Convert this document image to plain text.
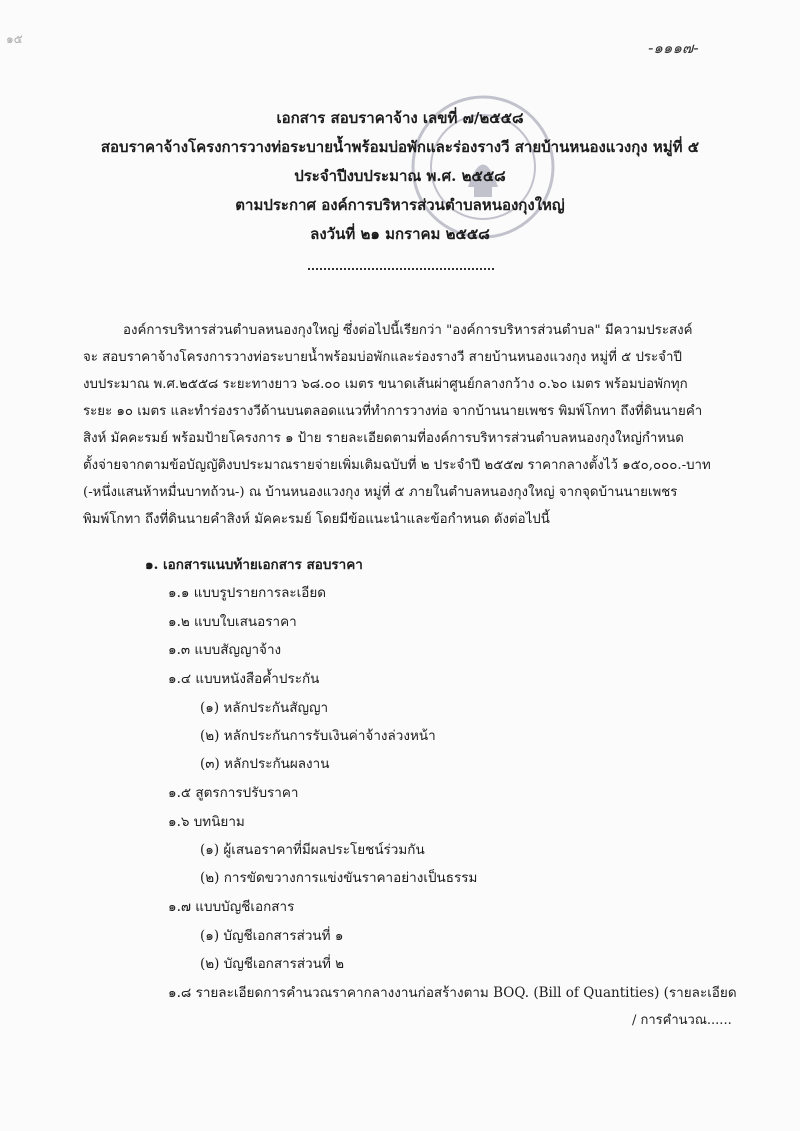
๑๕	-๑๑๑๗-
เอกสาร สอบราคาจ้าง เลขที่ ๗/๒๕๕๘
สอบราคาจ้างโครงการวางท่อระบายน้ำพร้อมบ่อพักและร่องรางวี สายบ้านหนองแวงกุง หมู่ที่ ๕
ประจำปีงบประมาณ พ.ศ. ๒๕๕๘
ตามประกาศ องค์การบริหารส่วนตำบลหนองกุงใหญ่
ลงวันที่ ๒๑ มกราคม ๒๕๕๘
องค์การบริหารส่วนตำบลหนองกุงใหญ่ ซึ่งต่อไปนี้เรียกว่า "องค์การบริหารส่วนตำบล" มีความประสงค์
จะ สอบราคาจ้างโครงการวางท่อระบายน้ำพร้อมบ่อพักและร่องรางวี สายบ้านหนองแวงกุง หมู่ที่ ๕ ประจำปี
งบประมาณ พ.ศ.๒๕๕๘ ระยะทางยาว ๖๘.๐๐ เมตร ขนาดเส้นผ่าศูนย์กลางกว้าง ๐.๖๐ เมตร พร้อมบ่อพักทุก
ระยะ ๑๐ เมตร และทำร่องรางวีด้านบนตลอดแนวที่ทำการวางท่อ จากบ้านนายเพชร พิมพ์โกทา ถึงที่ดินนายคำ
สิงห์ มัคคะรมย์ พร้อมป้ายโครงการ ๑ ป้าย รายละเอียดตามที่องค์การบริหารส่วนตำบลหนองกุงใหญ่กำหนด
ตั้งจ่ายจากตามข้อบัญญัติงบประมาณรายจ่ายเพิ่มเติมฉบับที่ ๒ ประจำปี ๒๕๕๗ ราคากลางตั้งไว้ ๑๕๐,๐๐๐.-บาท
(-หนึ่งแสนห้าหมื่นบาทถ้วน-) ณ บ้านหนองแวงกุง หมู่ที่ ๕ ภายในตำบลหนองกุงใหญ่ จากจุดบ้านนายเพชร
พิมพ์โกทา ถึงที่ดินนายคำสิงห์ มัคคะรมย์ โดยมีข้อแนะนำและข้อกำหนด ดังต่อไปนี้
๑. เอกสารแนบท้ายเอกสาร สอบราคา
๑.๑ แบบรูปรายการละเอียด
๑.๒ แบบใบเสนอราคา
๑.๓ แบบสัญญาจ้าง
๑.๔ แบบหนังสือค้ำประกัน
(๑) หลักประกันสัญญา
(๒) หลักประกันการรับเงินค่าจ้างล่วงหน้า
(๓) หลักประกันผลงาน
๑.๕ สูตรการปรับราคา
๑.๖ บทนิยาม
(๑) ผู้เสนอราคาที่มีผลประโยชน์ร่วมกัน
(๒) การขัดขวางการแข่งขันราคาอย่างเป็นธรรม
๑.๗ แบบบัญชีเอกสาร
(๑) บัญชีเอกสารส่วนที่ ๑
(๒) บัญชีเอกสารส่วนที่ ๒
๑.๘ รายละเอียดการคำนวณราคากลางงานก่อสร้างตาม BOQ. (Bill of Quantities) (รายละเอียด
/ การคำนวณ......
